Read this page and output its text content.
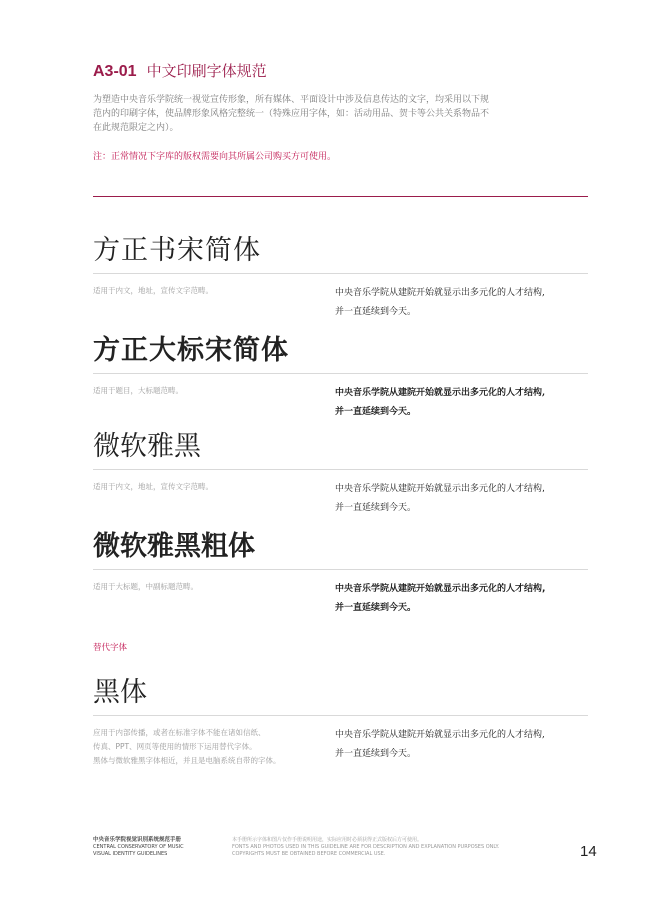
A3-01 中文印刷字体规范

为塑造中央音乐学院统一视觉宣传形象，所有媒体、平面设计中涉及信息传达的文字，均采用以下规范内的印刷字体，使品牌形象风格完整统一（特殊应用字体，如：活动用品、贺卡等公共关系物品不在此规范限定之内）。

注：正常情况下字库的版权需要向其所属公司购买方可使用。

方正书宋简体
适用于内文，地址，宣传文字范畴。	中央音乐学院从建院开始就显示出多元化的人才结构,
并一直延续到今天。
方正大标宋简体
适用于题目，大标题范畴。	中央音乐学院从建院开始就显示出多元化的人才结构,
并一直延续到今天。
微软雅黑
适用于内文，地址，宣传文字范畴。	中央音乐学院从建院开始就显示出多元化的人才结构,
并一直延续到今天。
微软雅黑粗体
适用于大标题，中副标题范畴。	中央音乐学院从建院开始就显示出多元化的人才结构,
并一直延续到今天。
替代字体
黑体
应用于内部传播，或者在标准字体不能在诸如信纸、
传真、PPT、网页等使用的情形下运用替代字体。
黑体与微软雅黑字体相近，并且是电脑系统自带的字体。
中央音乐学院从建院开始就显示出多元化的人才结构,
并一直延续到今天。
中央音乐学院视觉识别系统规范手册
CENTRAL CONSERVATORY OF MUSIC
VISUAL IDENTITY GUIDELINES
本手册所示字体和图片仅作手册说明用途，实际应用时必须获得正式版权后方可使用。
FONTS AND PHOTOS USED IN THIS GUIDELINE ARE FOR DESCRIPTION AND EXPLANATION PURPOSES ONLY.
COPYRIGHTS MUST BE OBTAINED BEFORE COMMERCIAL USE.	14
